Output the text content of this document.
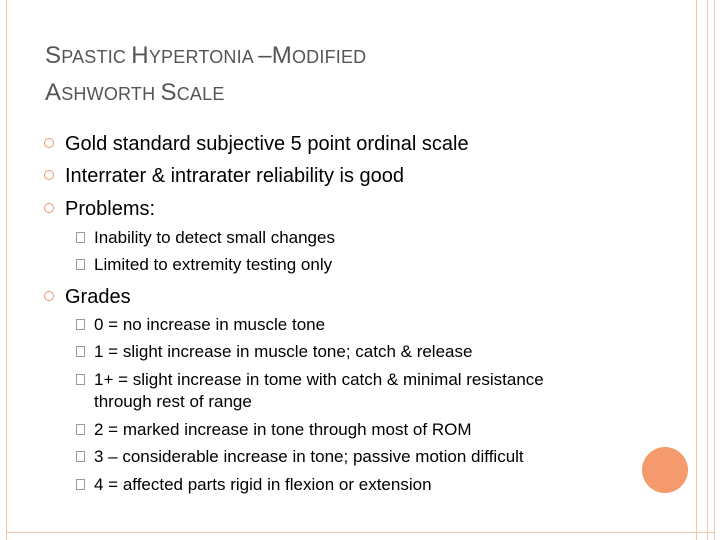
SPASTIC HYPERTONIA –MODIFIED
ASHWORTH SCALE
Gold standard subjective 5 point ordinal scale
Interrater & intrarater reliability is good
Problems:
Inability to detect small changes
Limited to extremity testing only
Grades
0 = no increase in muscle tone
1 = slight increase in muscle tone; catch & release
1+ = slight increase in tome with catch & minimal resistance
through rest of range
2 = marked increase in tone through most of ROM
3 – considerable increase in tone; passive motion difficult
4 = affected parts rigid in flexion or extension
